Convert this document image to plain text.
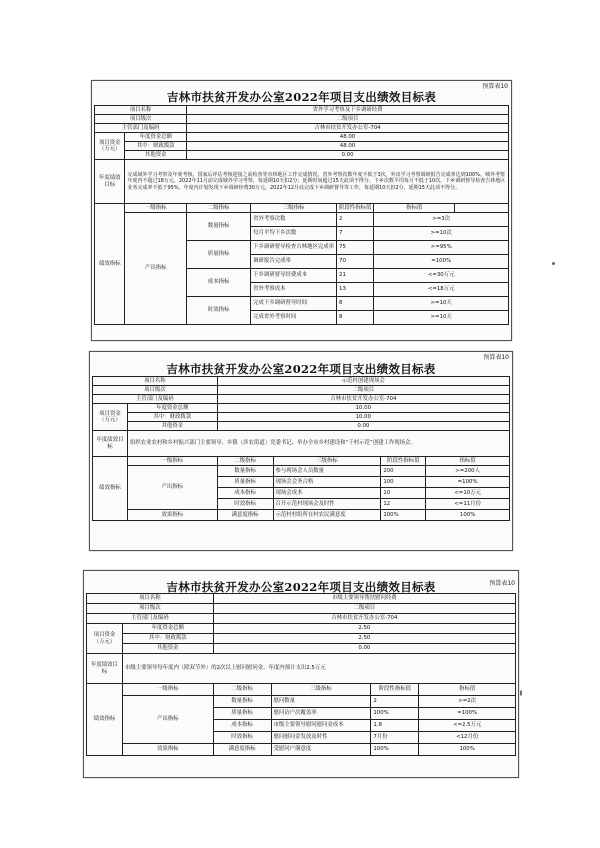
预算表10
吉林市扶贫开发办公室2022年项目支出绩效目标表
项目名称		省外学习考察及下乡调研经费				
项目级次		二级项目				
主管部门及编码		吉林市扶贫开发办公室-704				
项目资金
（万元）	年度资金总额	48.00				
	其中：财政拨款	48.00				
	其他资金	0.00				
年度绩效目标	完成域外学习考察及年度考核、国家后评估考核迎接之前检查等市林地区工作完成情况。省外考察次数年度不低于3次，外出学习考察调研报告完成率达到100%。城外考察年度内不超过18万元，2022年11月前完成城外学习考察，每延期10天扣2分；延期时间超过15天此项不得分。下乡次数平均每月不低于10次，下乡调研督导检查吉林地区业务完成率不低于95%，年度内计划发现下乡调研经费30万元，2022年12月底完成下乡调研督导等工作，每延期10天扣2分，延期15天此项不得分。					
绩效指标	一级指标	二级指标	三级指标	阶段性指标值	指标值	
	产出指标	数量指标	省外考察次数	2	>=3次	
			每月平均下乡次数	7	>=10次	
		质量指标	下乡调研督导检查吉林地区完成率	75	>=95%	
			调研报告完成率	70	=100%	
		成本指标	下乡调研督导经费成本	21	<=30万元	
			省外考察成本	13	<=18万元	
		时效指标	完成下乡调研督导时间	8	>=10天	
			完成省外考察时间	8	>=10天	
预算表10
吉林市扶贫开发办公室2022年项目支出绩效目标表
项目名称		示范村创建现场会			
项目级次		二级项目			
主管部门及编码		吉林市扶贫开发办公室-704			
项目资金
（万元）	年度资金总额	10.00			
	其中：财政拨款	10.00			
	其他资金	0.00			
年度绩效目标	组织农业农村和乡村振兴部门主要领导、乡镇（涉农街道）党委书记、举办全市乡村建设和“千村示范”创建工作现场会。				
绩效指标	一级指标	二级指标	三级指标	阶段性指标值	指标值
	产出指标	数量指标	参与现场会人员数量	200	>=200人
		质量指标	现场会会务合格	100	=100%
		成本指标	现场会成本	10	<=10万元
		时效指标	召开示范村现场会及时性	12	<=11月份
	效果指标	满意度指标	示范村村组所在村农民满意度	100%	100%
吉林市扶贫开发办公室2022年项目支出绩效目标表	预算表10
项目名称		市级主要领导帮扶慰问经费			
项目级次		二级项目			
主管部门及编码		吉林市扶贫开发办公室-704			
项目资金
（万元）	年度资金总额	2.50			
	其中：财政拨款	2.50			
	其他资金	0.00			
年度绩效目标	市级主要领导每年度内（除双节外）的2次以上慰问慰问金，年度内预计支出2.5万元				
绩效指标	一级指标	二级指标	三级指标	阶段性指标值	指标值
	产出指标	数量指标	慰问数量	2	>=2次
		质量指标	慰问访户次覆盖率	100%	=100%
		成本指标	市级主要领导慰问慰问金成本	1.8	<=2.5万元
		时效指标	慰问慰问金发放及时性	7月份	<12月份
	效果指标	满意度指标	受慰问户满意度	100%	100%
